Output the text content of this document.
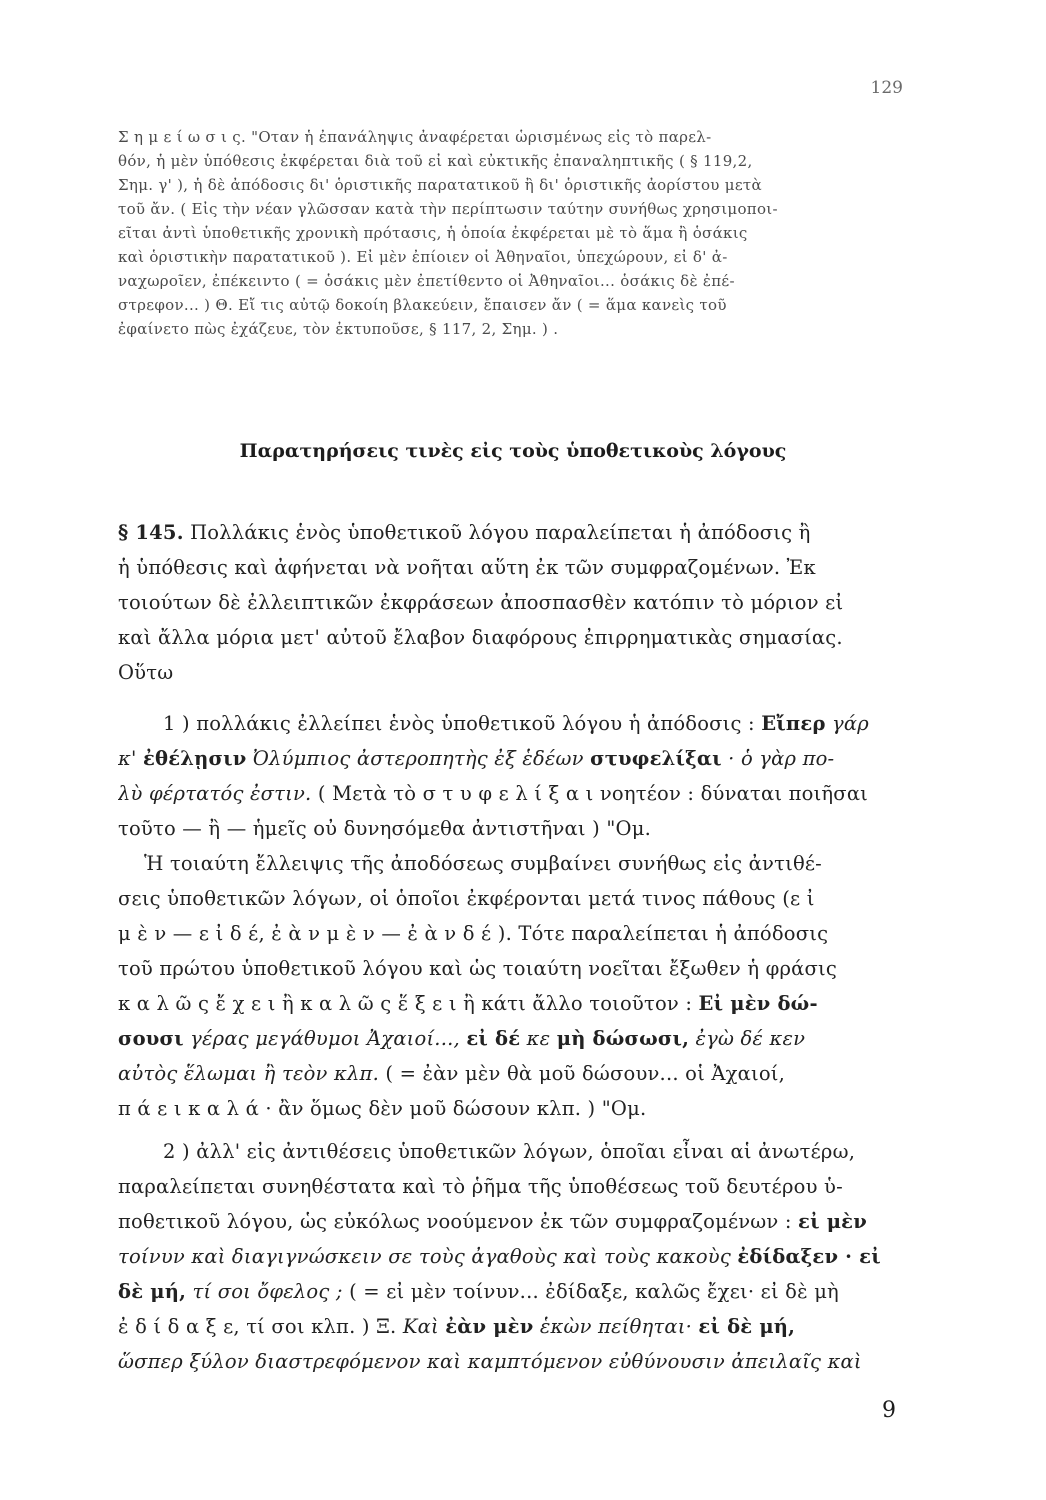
129
Σ η μ ε ί ω σ ι ς. "Οταν ἡ ἐπανάληψις ἀναφέρεται ὡρισμένως εἰς τὸ παρελ-
θόν, ἡ μὲν ὑπόθεσις ἐκφέρεται διὰ τοῦ εἰ καὶ εὐκτικῆς ἐπαναληπτικῆς ( § 119,2,
Σημ. γ' ), ἡ δὲ ἀπόδοσις δι' ὁριστικῆς παρατατικοῦ ἢ δι' ὁριστικῆς ἀορίστου μετὰ
τοῦ ἄν. ( Εἰς τὴν νέαν γλῶσσαν κατὰ τὴν περίπτωσιν ταύτην συνήθως χρησιμοποι-
εῖται ἀντὶ ὑποθετικῆς χρονικὴ πρότασις, ἡ ὁποία ἐκφέρεται μὲ τὸ ἅμα ἢ ὁσάκις
καὶ ὁριστικὴν παρατατικοῦ ). Εἰ μὲν ἐπίοιεν οἱ Ἀθηναῖοι, ὑπεχώρουν, εἰ δ' ἀ-
ναχωροῖεν, ἐπέκειντο ( = ὁσάκις μὲν ἐπετίθεντο οἱ Ἀθηναῖοι... ὁσάκις δὲ ἐπέ-
στρεφον... ) Θ. Εἴ τις αὐτῷ δοκοίη βλακεύειν, ἔπαισεν ἄν ( = ἅμα κανεὶς τοῦ
ἐφαίνετο πὼς ἐχάζευε, τὸν ἐκτυποῦσε, § 117, 2, Σημ. ) .
Παρατηρήσεις τινὲς εἰς τοὺς ὑποθετικοὺς λόγους
§ 145. Πολλάκις ἑνὸς ὑποθετικοῦ λόγου παραλείπεται ἡ ἀπόδοσις ἢ
ἡ ὑπόθεσις καὶ ἀφήνεται νὰ νοῆται αὕτη ἐκ τῶν συμφραζομένων. Ἐκ
τοιούτων δὲ ἐλλειπτικῶν ἐκφράσεων ἀποσπασθὲν κατόπιν τὸ μόριον εἰ
καὶ ἄλλα μόρια μετ' αὐτοῦ ἔλαβον διαφόρους ἐπιρρηματικὰς σημασίας.
Οὕτω
1 ) πολλάκις ἐλλείπει ἑνὸς ὑποθετικοῦ λόγου ἡ ἀπόδοσις : Εἴπερ γάρ
κ' ἐθέλῃσιν Ὀλύμπιος ἀστεροπητὴς ἐξ ἑδέων στυφελίξαι · ὁ γὰρ πο-
λὺ φέρτατός ἐστιν. ( Μετὰ τὸ σ τ υ φ ε λ ί ξ α ι νοητέον : δύναται ποιῆσαι
τοῦτο — ἢ — ἡμεῖς οὐ δυνησόμεθα ἀντιστῆναι ) "Ομ.
Ἡ τοιαύτη ἔλλειψις τῆς ἀποδόσεως συμβαίνει συνήθως εἰς ἀντιθέ-
σεις ὑποθετικῶν λόγων, οἱ ὁποῖοι ἐκφέρονται μετά τινος πάθους (ε ἰ
μ ὲ ν — ε ἰ δ έ, ἐ ὰ ν μ ὲ ν — ἐ ὰ ν δ έ ). Τότε παραλείπεται ἡ ἀπόδοσις
τοῦ πρώτου ὑποθετικοῦ λόγου καὶ ὡς τοιαύτη νοεῖται ἔξωθεν ἡ φράσις
κ α λ ῶ ς ἔ χ ε ι ἢ κ α λ ῶ ς ἕ ξ ε ι ἢ κάτι ἄλλο τοιοῦτον : Εἰ μὲν δώ-
σουσι γέρας μεγάθυμοι Ἀχαιοί..., εἰ δέ κε μὴ δώσωσι, ἐγὼ δέ κεν
αὐτὸς ἕλωμαι ἢ τεὸν κλπ. ( = ἐὰν μὲν θὰ μοῦ δώσουν... οἱ Ἀχαιοί,
π ά ε ι κ α λ ά · ἂν ὅμως δὲν μοῦ δώσουν κλπ. ) "Ομ.
2 ) ἀλλ' εἰς ἀντιθέσεις ὑποθετικῶν λόγων, ὁποῖαι εἶναι αἱ ἀνωτέρω,
παραλείπεται συνηθέστατα καὶ τὸ ῥῆμα τῆς ὑποθέσεως τοῦ δευτέρου ὑ-
ποθετικοῦ λόγου, ὡς εὐκόλως νοούμενον ἐκ τῶν συμφραζομένων : εἰ μὲν
τοίνυν καὶ διαγιγνώσκειν σε τοὺς ἀγαθοὺς καὶ τοὺς κακοὺς ἐδίδαξεν · εἰ
δὲ μή, τί σοι ὄφελος ; ( = εἰ μὲν τοίνυν... ἐδίδαξε, καλῶς ἔχει· εἰ δὲ μὴ
ἐ δ ί δ α ξ ε, τί σοι κλπ. ) Ξ. Καὶ ἐὰν μὲν ἑκὼν πείθηται· εἰ δὲ μή,
ὥσπερ ξύλον διαστρεφόμενον καὶ καμπτόμενον εὐθύνουσιν ἀπειλαῖς καὶ
9
